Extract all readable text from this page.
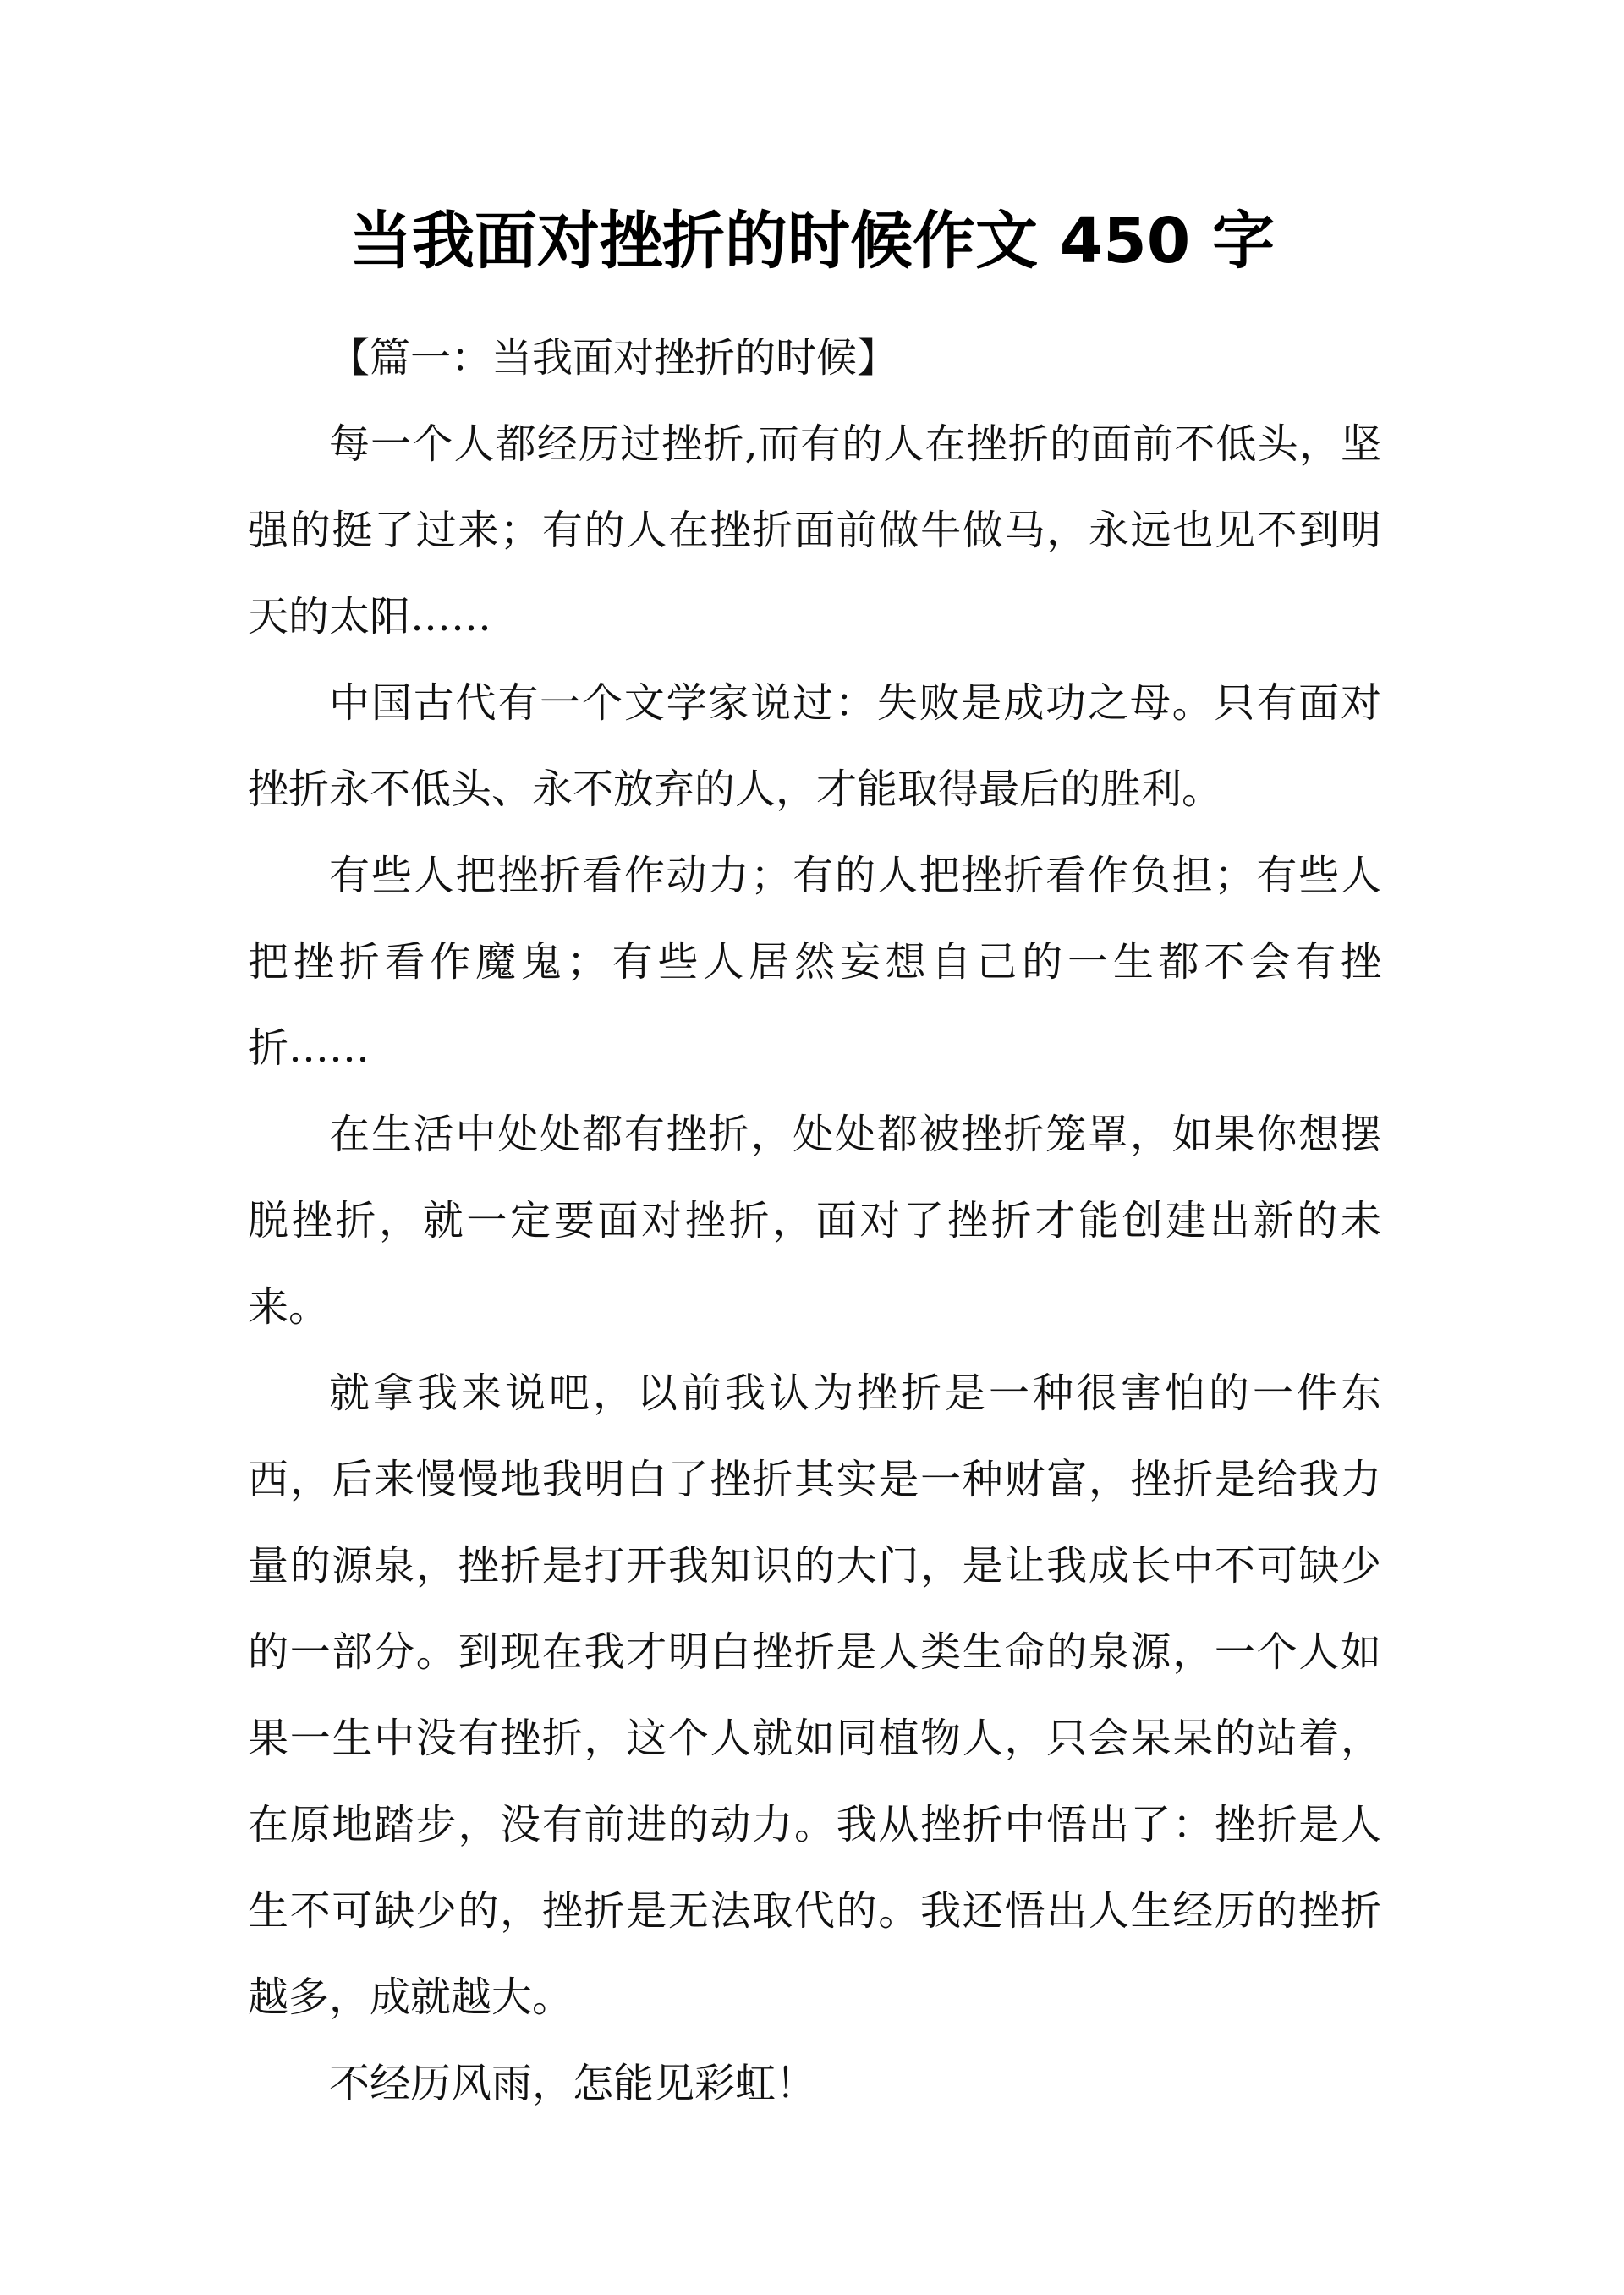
当我面对挫折的时候作文 450 字

【篇一：当我面对挫折的时候】

每一个人都经历过挫折,而有的人在挫折的面前不低头，坚强的挺了过来；有的人在挫折面前做牛做马，永远也见不到明天的太阳……

中国古代有一个文学家说过：失败是成功之母。只有面对挫折永不低头、永不放弃的人，才能取得最后的胜利。

有些人把挫折看作动力；有的人把挫折看作负担；有些人把挫折看作魔鬼；有些人居然妄想自己的一生都不会有挫折……

在生活中处处都有挫折，处处都被挫折笼罩，如果你想摆脱挫折，就一定要面对挫折，面对了挫折才能创建出新的未来。

就拿我来说吧，以前我认为挫折是一种很害怕的一件东西，后来慢慢地我明白了挫折其实是一种财富，挫折是给我力量的源泉，挫折是打开我知识的大门，是让我成长中不可缺少的一部分。到现在我才明白挫折是人类生命的泉源，一个人如果一生中没有挫折，这个人就如同植物人，只会呆呆的站着，在原地踏步，没有前进的动力。我从挫折中悟出了：挫折是人生不可缺少的，挫折是无法取代的。我还悟出人生经历的挫折越多，成就越大。

不经历风雨，怎能见彩虹！
